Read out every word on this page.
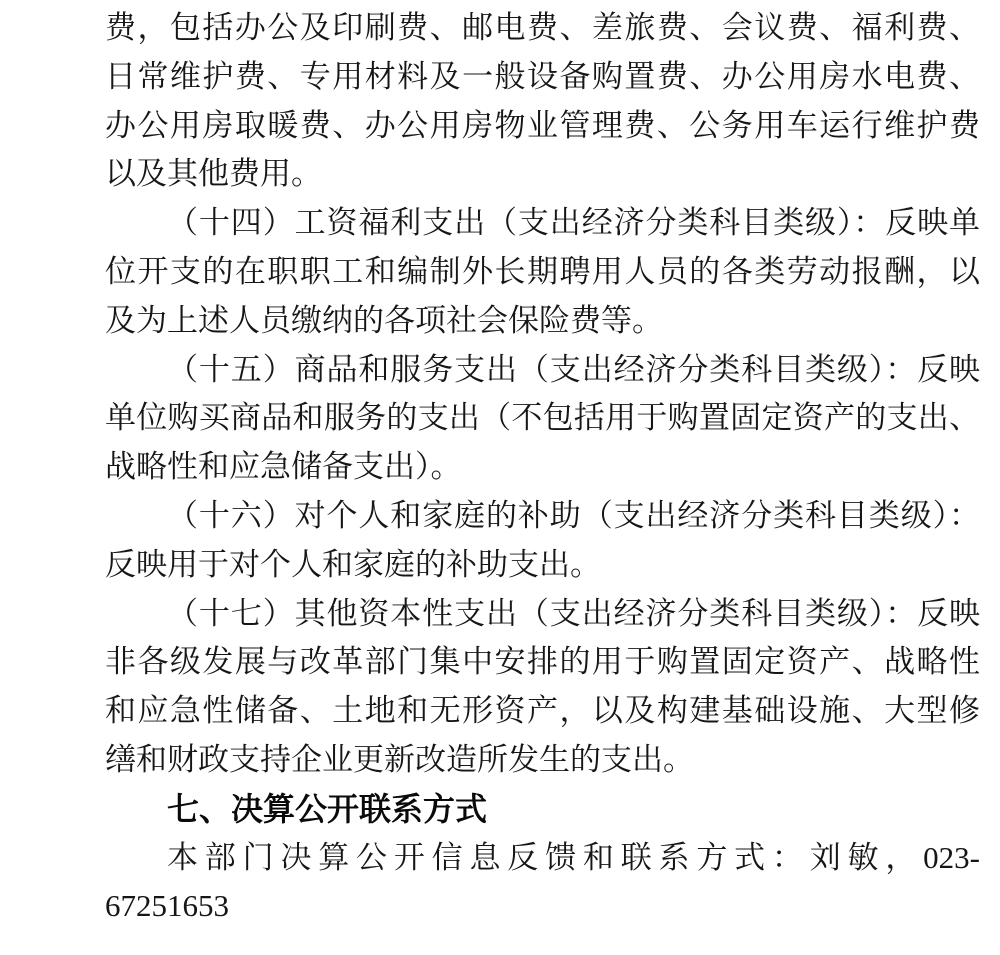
费，包括办公及印刷费、邮电费、差旅费、会议费、福利费、
日常维护费、专用材料及一般设备购置费、办公用房水电费、
办公用房取暖费、办公用房物业管理费、公务用车运行维护费
以及其他费用。
（十四）工资福利支出（支出经济分类科目类级）：反映单
位开支的在职职工和编制外长期聘用人员的各类劳动报酬，以
及为上述人员缴纳的各项社会保险费等。
（十五）商品和服务支出（支出经济分类科目类级）：反映
单位购买商品和服务的支出（不包括用于购置固定资产的支出、
战略性和应急储备支出）。
（十六）对个人和家庭的补助（支出经济分类科目类级）：
反映用于对个人和家庭的补助支出。
（十七）其他资本性支出（支出经济分类科目类级）：反映
非各级发展与改革部门集中安排的用于购置固定资产、战略性
和应急性储备、土地和无形资产，以及构建基础设施、大型修
缮和财政支持企业更新改造所发生的支出。
七、决算公开联系方式
本部门决算公开信息反馈和联系方式：刘敏，023-
67251653
